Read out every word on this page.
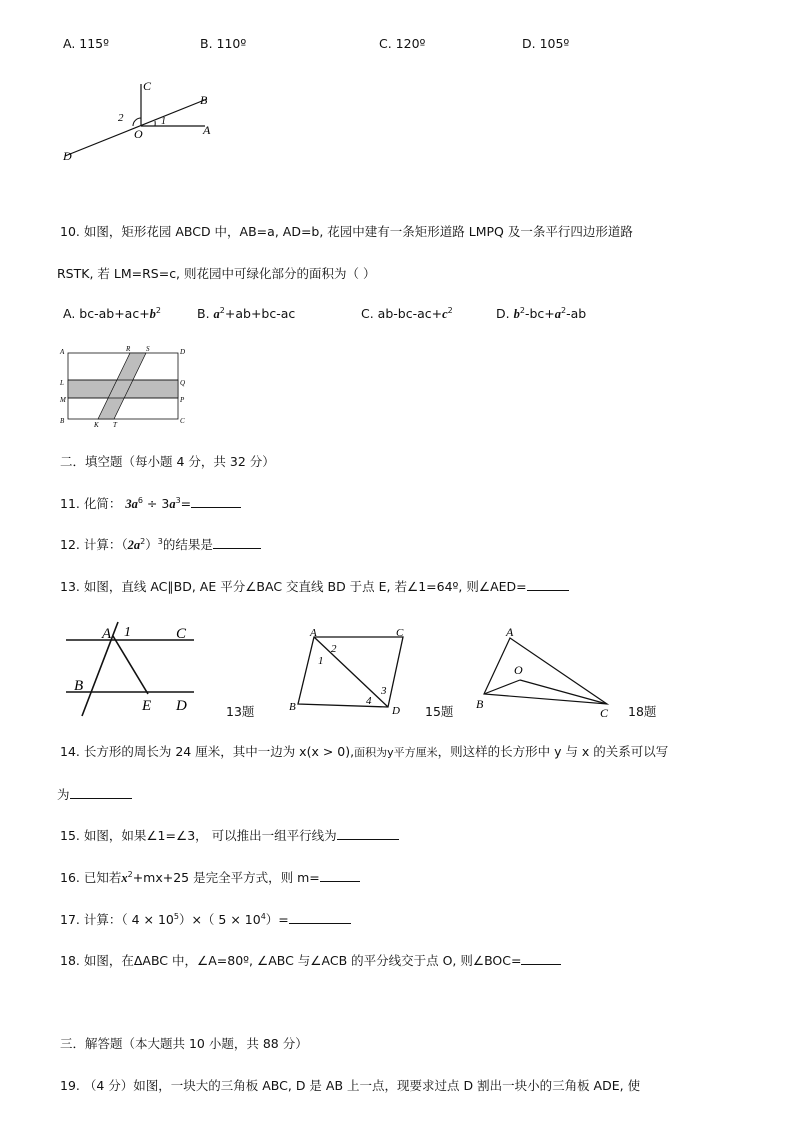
A. 115º	B. 110º	C. 120º	D. 105º
C
B
A
D
O
1
2
10. 如图，矩形花园 ABCD 中，AB=a, AD=b, 花园中建有一条矩形道路 LMPQ 及一条平行四边形道路
RSTK, 若 LM=RS=c, 则花园中可绿化部分的面积为（ ）
A. $bc-ab+ac+b^2$	B. $a^2+ab+bc-ac$	C. $ab-bc-ac+c^2$	D. $b^2-bc+a^2-ab$
A	R S	D
L	Q
M	P
B	K T	C
二．填空题（每小题 4 分，共 32 分）
11. 化简： $3a^6 \div 3a^3=$
12. 计算：$(2a^2)^3$的结果是
13. 如图，直线 AC∥BD, AE 平分∠BAC 交直线 BD 于点 E, 若∠1=64º, 则∠AED=
A 1	C
B
E D	13题
A	C
1
2
3
4
B	D 15题
A
O
B
C 18题
14. 长方形的周长为 24 厘米，其中一边为 x(x > 0),面积为y平方厘米，则这样的长方形中 y 与 x 的关系可以写
为
15. 如图，如果∠1=∠3， 可以推出一组平行线为
16. 已知若$x^2+mx+25$ 是完全平方式，则 m=
17. 计算：（ $4 \times 10^5)\times$（ $5 \times 10^4)=$
18. 如图，在ΔABC 中，∠A=80º, ∠ABC 与∠ACB 的平分线交于点 O, 则∠BOC=
三．解答题（本大题共 10 小题，共 88 分）
19. （4 分）如图，一块大的三角板 ABC, D 是 AB 上一点，现要求过点 D 割出一块小的三角板 ADE, 使
